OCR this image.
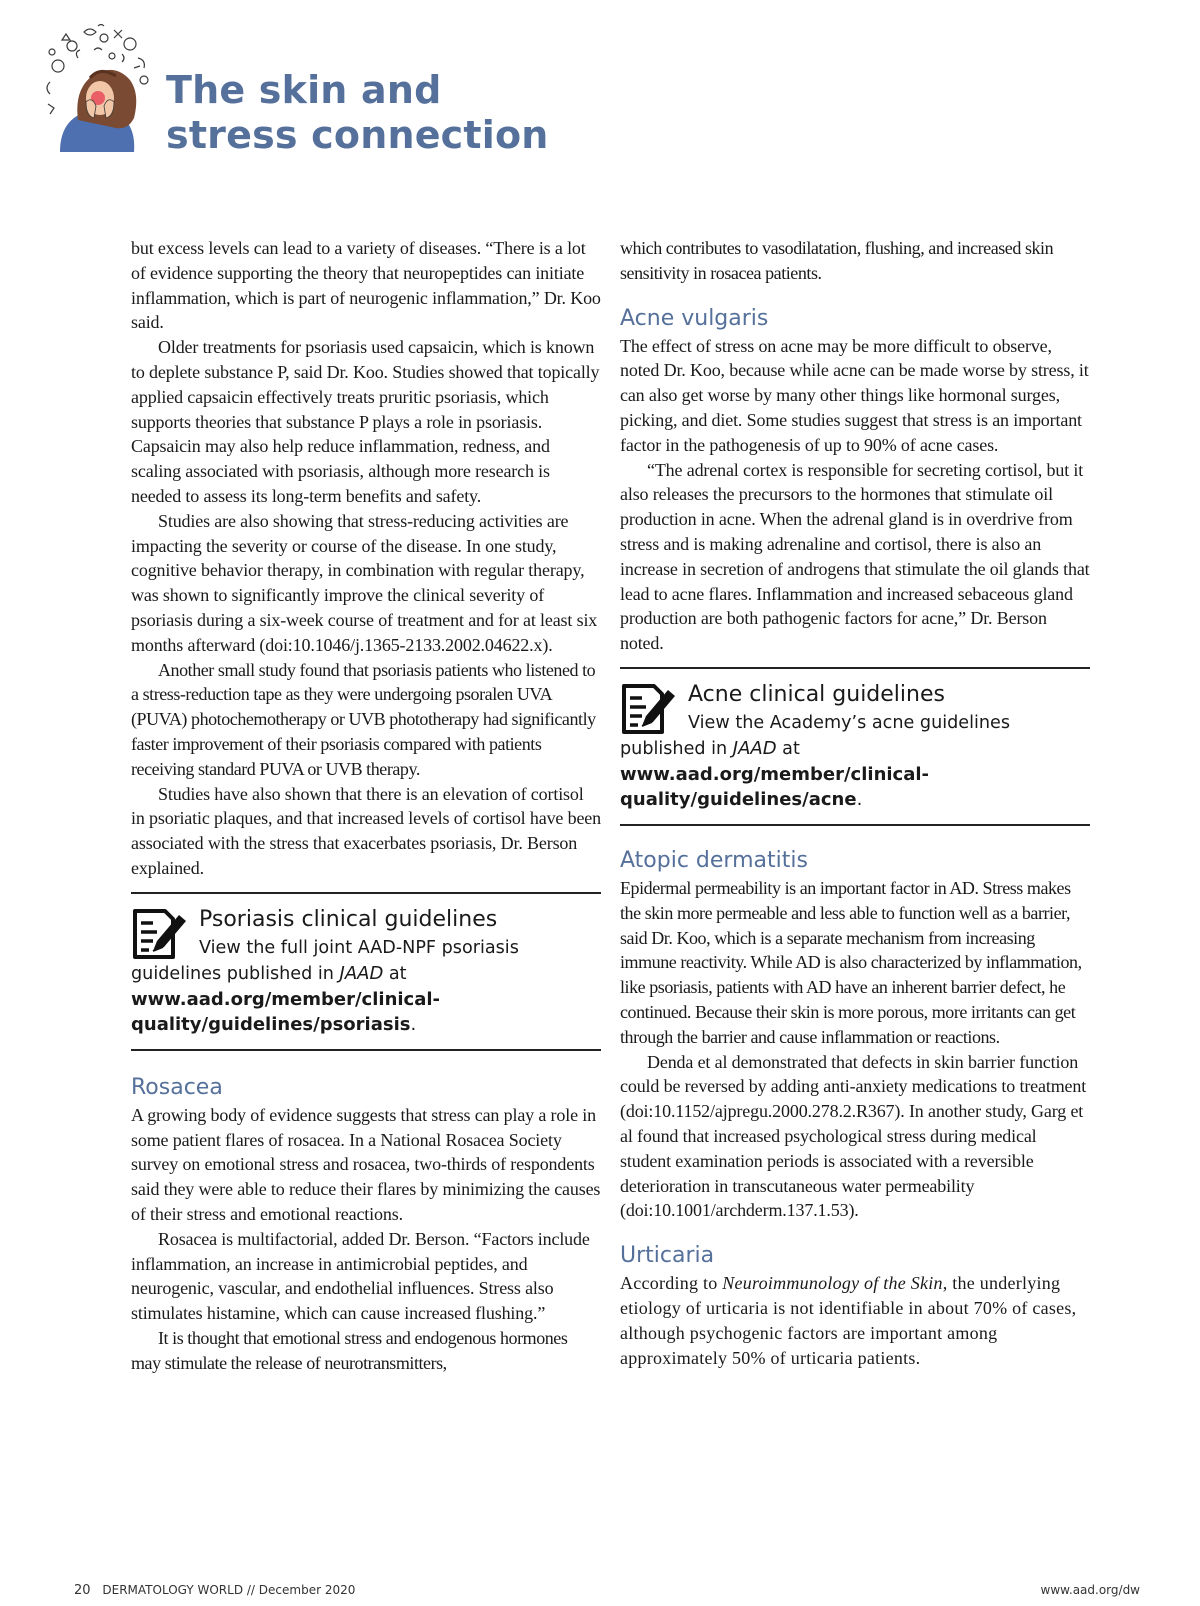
The skin and
stress connection

but excess levels can lead to a variety of diseases. “There is a lot of evidence supporting the theory that neuropeptides can initiate inflammation, which is part of neurogenic inflammation,” Dr. Koo said.

Older treatments for psoriasis used capsaicin, which is known to deplete substance P, said Dr. Koo. Studies showed that topically applied capsaicin effectively treats pruritic psoriasis, which supports theories that substance P plays a role in psoriasis. Capsaicin may also help reduce inflammation, redness, and scaling associated with psoriasis, although more research is needed to assess its long-term benefits and safety.

Studies are also showing that stress-reducing activities are impacting the severity or course of the disease. In one study, cognitive behavior therapy, in combination with regular therapy, was shown to significantly improve the clinical severity of psoriasis during a six-week course of treatment and for at least six months afterward (doi:10.1046/j.1365-2133.2002.04622.x).

Another small study found that psoriasis patients who listened to a stress-reduction tape as they were undergoing psoralen UVA (PUVA) photochemotherapy or UVB phototherapy had significantly faster improvement of their psoriasis compared with patients receiving standard PUVA or UVB therapy.

Studies have also shown that there is an elevation of cortisol in psoriatic plaques, and that increased levels of cortisol have been associated with the stress that exacerbates psoriasis, Dr. Berson explained.

Psoriasis clinical guidelines
View the full joint AAD-NPF psoriasis guidelines published in JAAD at www.aad.org/member/clinical-quality/guidelines/psoriasis.
Rosacea

A growing body of evidence suggests that stress can play a role in some patient flares of rosacea. In a National Rosacea Society survey on emotional stress and rosacea, two-thirds of respondents said they were able to reduce their flares by minimizing the causes of their stress and emotional reactions.

Rosacea is multifactorial, added Dr. Berson. “Factors include inflammation, an increase in antimicrobial peptides, and neurogenic, vascular, and endothelial influences. Stress also stimulates histamine, which can cause increased flushing.”

It is thought that emotional stress and endogenous hormones may stimulate the release of neurotransmitters,

which contributes to vasodilatation, flushing, and increased skin sensitivity in rosacea patients.

Acne vulgaris

The effect of stress on acne may be more difficult to observe, noted Dr. Koo, because while acne can be made worse by stress, it can also get worse by many other things like hormonal surges, picking, and diet. Some studies suggest that stress is an important factor in the pathogenesis of up to 90% of acne cases.

“The adrenal cortex is responsible for secreting cortisol, but it also releases the precursors to the hormones that stimulate oil production in acne. When the adrenal gland is in overdrive from stress and is making adrenaline and cortisol, there is also an increase in secretion of androgens that stimulate the oil glands that lead to acne flares. Inflammation and increased sebaceous gland production are both pathogenic factors for acne,” Dr. Berson noted.

Acne clinical guidelines
View the Academy’s acne guidelines published in JAAD at www.aad.org/member/clinical-quality/guidelines/acne.
Atopic dermatitis

Epidermal permeability is an important factor in AD. Stress makes the skin more permeable and less able to function well as a barrier, said Dr. Koo, which is a separate mechanism from increasing immune reactivity. While AD is also characterized by inflammation, like psoriasis, patients with AD have an inherent barrier defect, he continued. Because their skin is more porous, more irritants can get through the barrier and cause inflammation or reactions.

Denda et al demonstrated that defects in skin barrier function could be reversed by adding anti-anxiety medications to treatment (doi:10.1152/ajpregu.2000.278.2.R367). In another study, Garg et al found that increased psychological stress during medical student examination periods is associated with a reversible deterioration in transcutaneous water permeability (doi:10.1001/archderm.137.1.53).

Urticaria

According to Neuroimmunology of the Skin, the underlying etiology of urticaria is not identifiable in about 70% of cases, although psychogenic factors are important among approximately 50% of urticaria patients.

20 DERMATOLOGY WORLD // December 2020	www.aad.org/dw
